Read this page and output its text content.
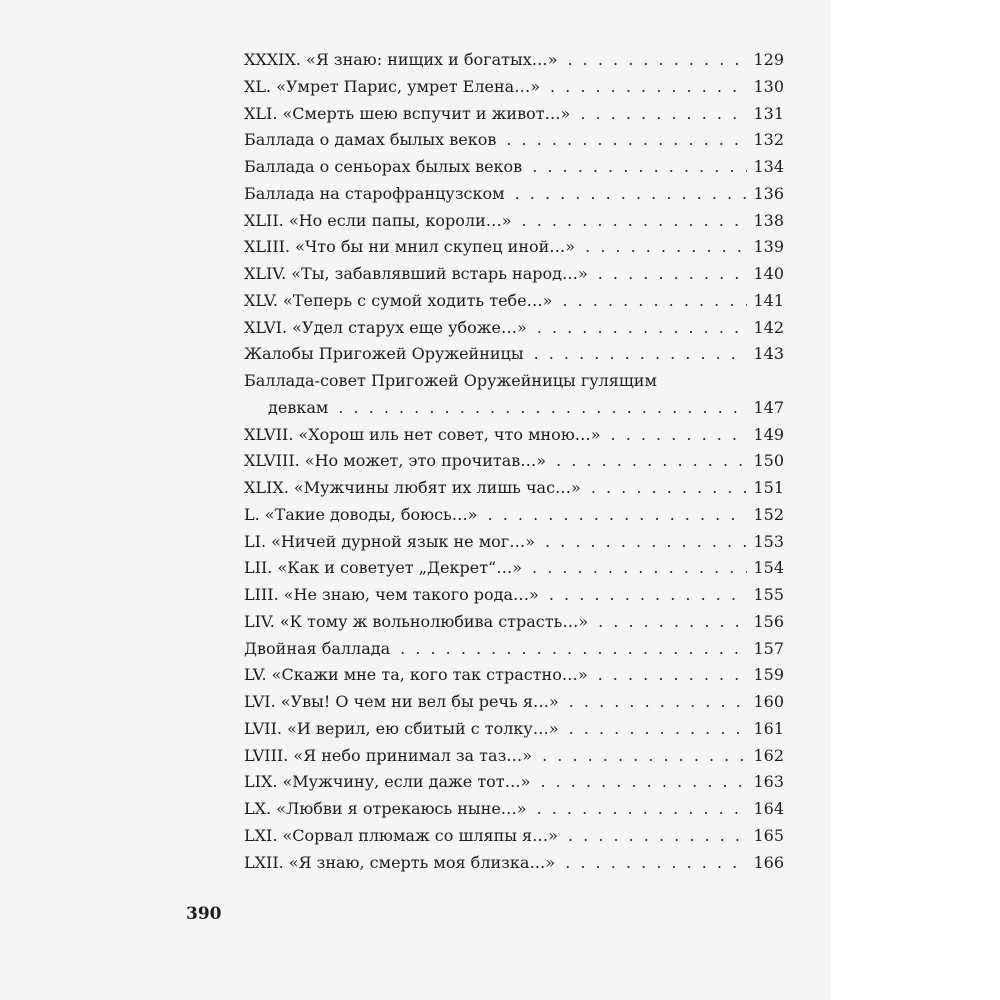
XXXIX. «Я знаю: нищих и богатых…» . . .	129
XL. «Умрет Парис, умрет Елена…» . . .	130
XLI. «Смерть шею вспучит и живот…» . . .	131
Баллада о дамах былых веков . . .	132
Баллада о сеньорах былых веков . . .	134
Баллада на старофранцузском . . .	136
XLII. «Но если папы, короли…» . . .	138
XLIII. «Что бы ни мнил скупец иной…» . . .	139
XLIV. «Ты, забавлявший встарь народ…» . . .	140
XLV. «Теперь с сумой ходить тебе…» . . .	141
XLVI. «Удел старух еще убоже…» . . .	142
Жалобы Пригожей Оружейницы . . .	143
Баллада-совет Пригожей Оружейницы гулящим
девкам . . .	147
XLVII. «Хорош иль нет совет, что мною…» . . .	149
XLVIII. «Но может, это прочитав…» . . .	150
XLIX. «Мужчины любят их лишь час…» . . .	151
L. «Такие доводы, боюсь…» . . .	152
LI. «Ничей дурной язык не мог…» . . .	153
LII. «Как и советует „Декрет“…» . . .	154
LIII. «Не знаю, чем такого рода…» . . .	155
LIV. «К тому ж вольнолюбива страсть…» . . .	156
Двойная баллада . . .	157
LV. «Скажи мне та, кого так страстно…» . . .	159
LVI. «Увы! О чем ни вел бы речь я…» . . .	160
LVII. «И верил, ею сбитый с толку…» . . .	161
LVIII. «Я небо принимал за таз…» . . .	162
LIX. «Мужчину, если даже тот…» . . .	163
LX. «Любви я отрекаюсь ныне…» . . .	164
LXI. «Сорвал плюмаж со шляпы я…» . . .	165
LXII. «Я знаю, смерть моя близка…» . . .	166
390
